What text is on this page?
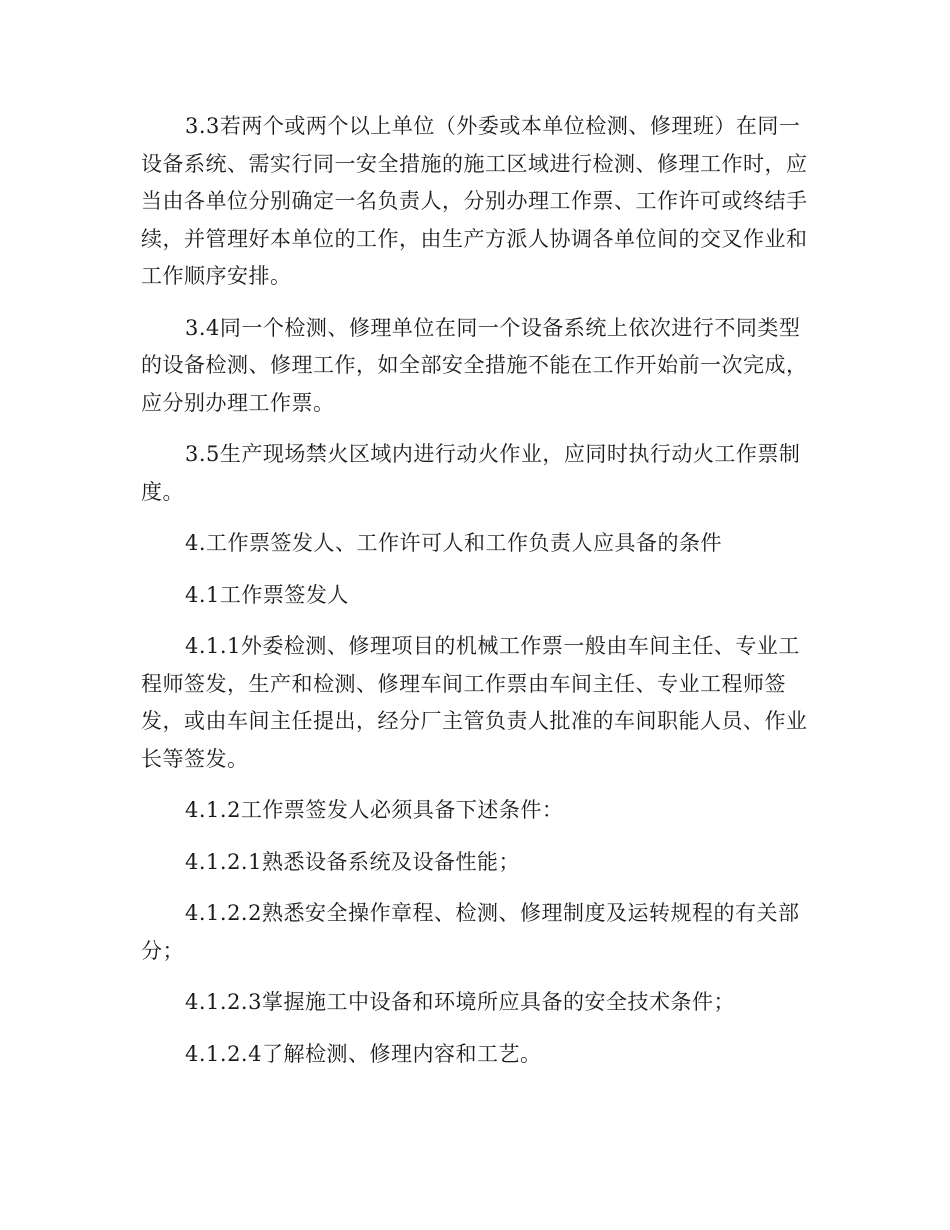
3.3若两个或两个以上单位（外委或本单位检测、修理班）在同一设备系统、需实行同一安全措施的施工区域进行检测、修理工作时，应当由各单位分别确定一名负责人，分别办理工作票、工作许可或终结手续，并管理好本单位的工作，由生产方派人协调各单位间的交叉作业和工作顺序安排。

3.4同一个检测、修理单位在同一个设备系统上依次进行不同类型的设备检测、修理工作，如全部安全措施不能在工作开始前一次完成，应分别办理工作票。

3.5生产现场禁火区域内进行动火作业，应同时执行动火工作票制度。

4.工作票签发人、工作许可人和工作负责人应具备的条件

4.1工作票签发人

4.1.1外委检测、修理项目的机械工作票一般由车间主任、专业工程师签发，生产和检测、修理车间工作票由车间主任、专业工程师签发，或由车间主任提出，经分厂主管负责人批准的车间职能人员、作业长等签发。

4.1.2工作票签发人必须具备下述条件：

4.1.2.1熟悉设备系统及设备性能；

4.1.2.2熟悉安全操作章程、检测、修理制度及运转规程的有关部分；

4.1.2.3掌握施工中设备和环境所应具备的安全技术条件；

4.1.2.4了解检测、修理内容和工艺。
